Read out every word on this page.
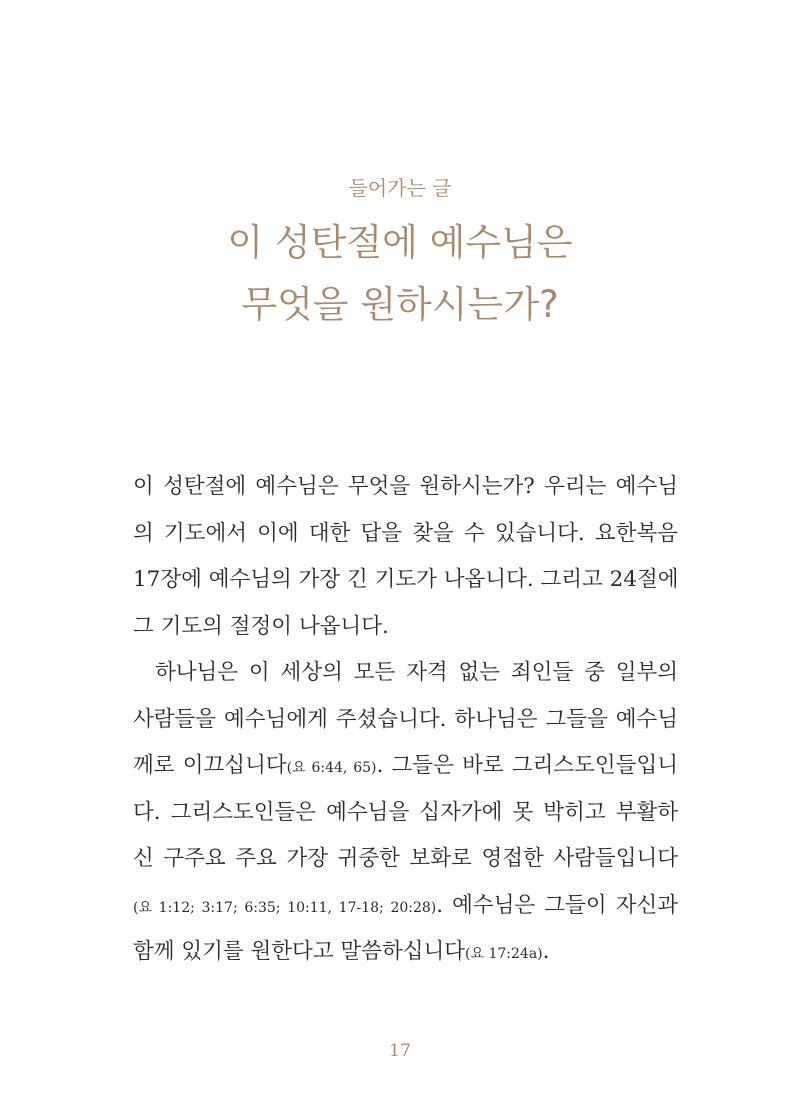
들어가는 글
이 성탄절에 예수님은
무엇을 원하시는가?
이 성탄절에 예수님은 무엇을 원하시는가? 우리는 예수님
의 기도에서 이에 대한 답을 찾을 수 있습니다. 요한복음
17장에 예수님의 가장 긴 기도가 나옵니다. 그리고 24절에
그 기도의 절정이 나옵니다.
하나님은 이 세상의 모든 자격 없는 죄인들 중 일부의
사람들을 예수님에게 주셨습니다. 하나님은 그들을 예수님
께로 이끄십니다(요 6:44, 65). 그들은 바로 그리스도인들입니
다. 그리스도인들은 예수님을 십자가에 못 박히고 부활하
신 구주요 주요 가장 귀중한 보화로 영접한 사람들입니다
(요 1:12; 3:17; 6:35; 10:11, 17-18; 20:28). 예수님은 그들이 자신과
함께 있기를 원한다고 말씀하십니다(요 17:24a).
17
